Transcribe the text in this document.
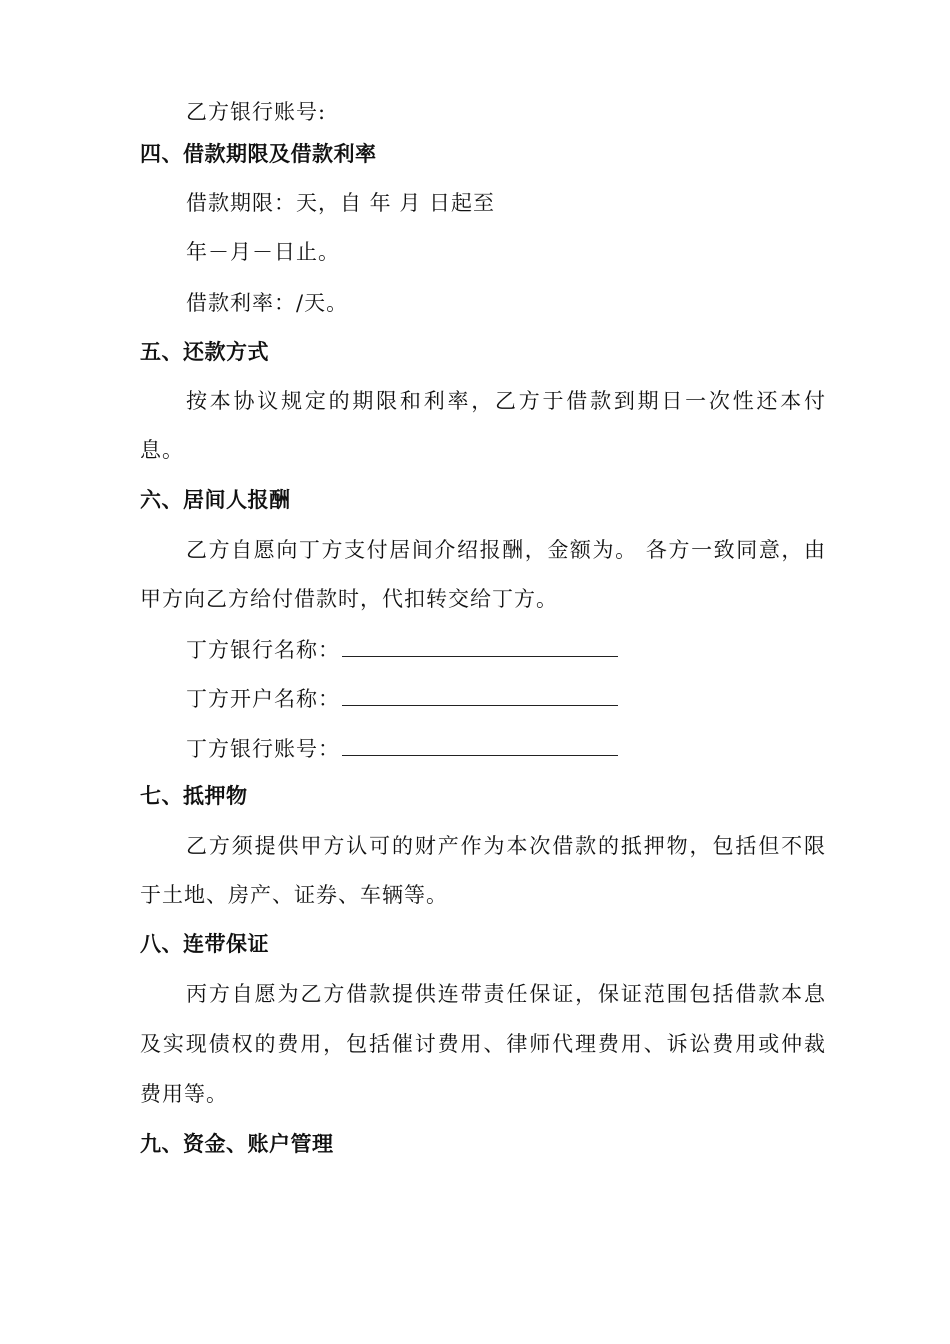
乙方银行账号:
四、借款期限及借款利率
借款期限：天，自 年 月 日起至
年－月－日止。
借款利率：/天。
五、还款方式
按本协议规定的期限和利率，乙方于借款到期日一次性还本付
息。
六、居间人报酬
乙方自愿向丁方支付居间介绍报酬，金额为。 各方一致同意，由
甲方向乙方给付借款时，代扣转交给丁方。
丁方银行名称：
丁方开户名称：
丁方银行账号：
七、抵押物
乙方须提供甲方认可的财产作为本次借款的抵押物，包括但不限
于土地、房产、证券、车辆等。
八、连带保证
丙方自愿为乙方借款提供连带责任保证，保证范围包括借款本息
及实现债权的费用，包括催讨费用、律师代理费用、诉讼费用或仲裁
费用等。
九、资金、账户管理
